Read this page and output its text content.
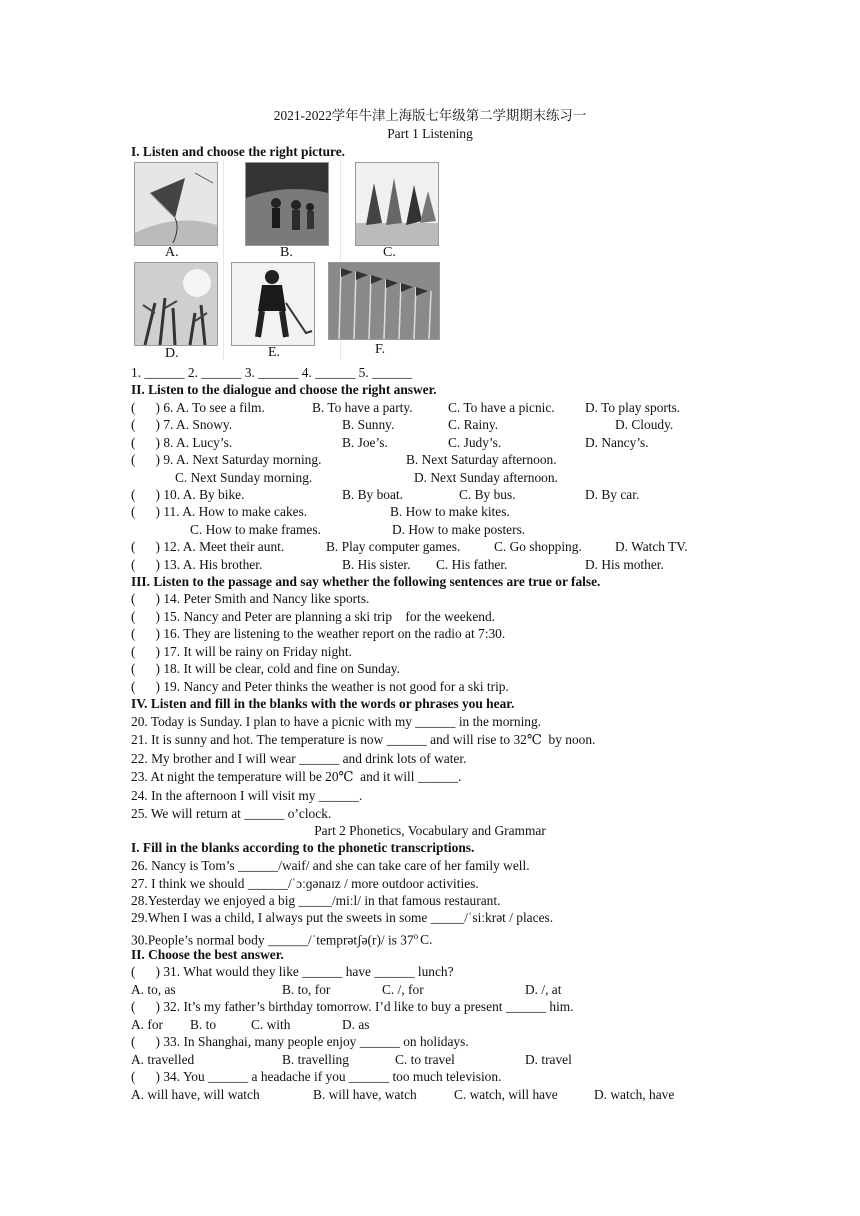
2021-2022学年牛津上海版七年级第二学期期末练习一
Part 1 Listening
I. Listen and choose the right picture.
A.	B.	C.
D.	E.	F.
1. ______ 2. ______ 3. ______ 4. ______ 5. ______
II. Listen to the dialogue and choose the right answer.
(      ) 6. A. To see a film.	B. To have a party.	C. To have a picnic. D. To play sports.
(      ) 7. A. Snowy.	B. Sunny.	C. Rainy.	D. Cloudy.
(      ) 8. A. Lucy’s.	B. Joe’s.	C. Judy’s.	D. Nancy’s.
(      ) 9. A. Next Saturday morning.	B. Next Saturday afternoon.
C. Next Sunday morning.	D. Next Sunday afternoon.
(      ) 10. A. By bike.	B. By boat.	C. By bus.	D. By car.
(      ) 11. A. How to make cakes.	B. How to make kites.
C. How to make frames.	D. How to make posters.
(      ) 12. A. Meet their aunt.	B. Play computer games.	C. Go shopping. D. Watch TV.
(      ) 13. A. His brother.	B. His sister. C. His father.	D. His mother.
III. Listen to the passage and say whether the following sentences are true or false.
(      ) 14. Peter Smith and Nancy like sports.
(      ) 15. Nancy and Peter are planning a ski trip    for the weekend.
(      ) 16. They are listening to the weather report on the radio at 7:30.
(      ) 17. It will be rainy on Friday night.
(      ) 18. It will be clear, cold and fine on Sunday.
(      ) 19. Nancy and Peter thinks the weather is not good for a ski trip.
IV. Listen and fill in the blanks with the words or phrases you hear.
20. Today is Sunday. I plan to have a picnic with my ______ in the morning.
21. It is sunny and hot. The temperature is now ______ and will rise to 32℃  by noon.
22. My brother and I will wear ______ and drink lots of water.
23. At night the temperature will be 20℃  and it will ______.
24. In the afternoon I will visit my ______.
25. We will return at ______ o’clock.
Part 2 Phonetics, Vocabulary and Grammar
I. Fill in the blanks according to the phonetic transcriptions.
26. Nancy is Tom’s ______/waif/ and she can take care of her family well.
27. I think we should ______/ˈɔːɡənaɪz / more outdoor activities.
28.Yesterday we enjoyed a big _____/miːl/ in that famous restaurant.
29.When I was a child, I always put the sweets in some _____/ˈsiːkrət / places.
30.People’s normal body ______/ˈtemprətʃə(r)/ is 37$^o$ C.
II. Choose the best answer.
(      ) 31. What would they like ______ have ______ lunch?
A. to, as	B. to, for	C. /, for	D. /, at
(      ) 32. It’s my father’s birthday tomorrow. I’d like to buy a present ______ him.
A. for B. to	C. with	D. as
(      ) 33. In Shanghai, many people enjoy ______ on holidays.
A. travelled	B. travelling	C. to travel	D. travel
(      ) 34. You ______ a headache if you ______ too much television.
A. will have, will watch	B. will have, watch	C. watch, will have	D. watch, have
